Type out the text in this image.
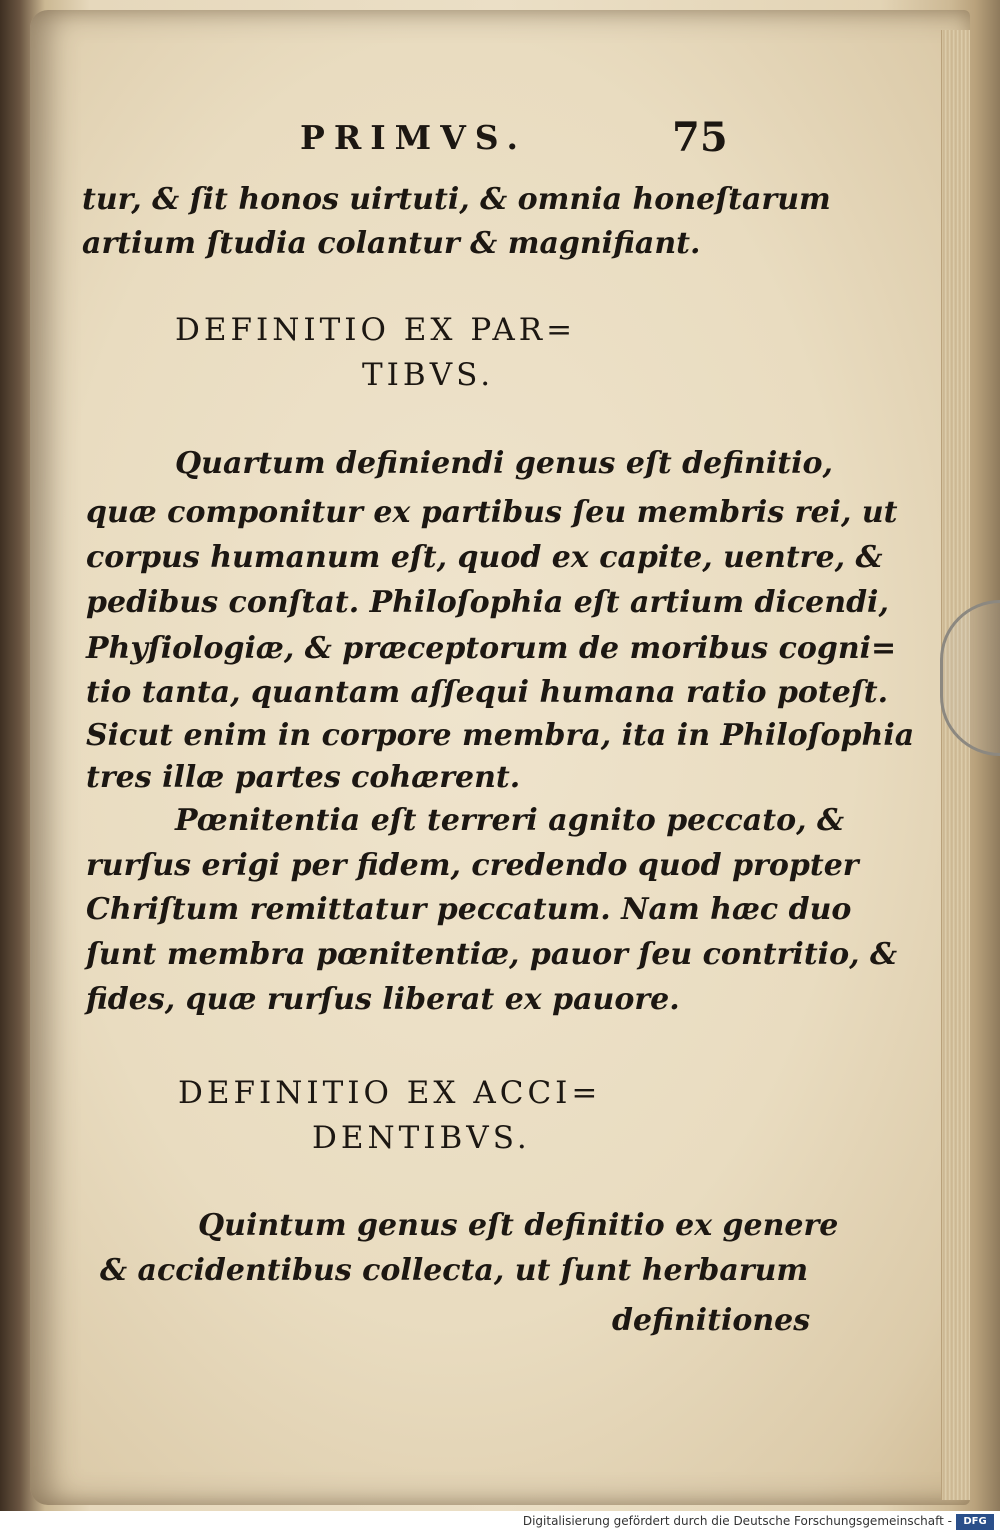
PRIMVS.	75
tur, & ſit honos uirtuti, & omnia honeſtarum
artium ſtudia colantur & magnifiant.
DEFINITIO EX PAR=
TIBVS.
Quartum definiendi genus eſt definitio,
quæ componitur ex partibus ſeu membris rei, ut
corpus humanum eſt, quod ex capite, uentre, &
pedibus conſtat. Philoſophia eſt artium dicendi,
Phyſiologiæ, & præceptorum de moribus cogni=
tio tanta, quantam aſſequi humana ratio poteſt.
Sicut enim in corpore membra, ita in Philoſophia
tres illæ partes cohærent.
Pœnitentia eſt terreri agnito peccato, &
rurſus erigi per fidem, credendo quod propter
Chriſtum remittatur peccatum. Nam hæc duo
ſunt membra pœnitentiæ, pauor ſeu contritio, &
fides, quæ rurſus liberat ex pauore.
DEFINITIO EX ACCI=
DENTIBVS.
Quintum genus eſt definitio ex genere
& accidentibus collecta, ut ſunt herbarum
definitiones
Digitalisierung gefördert durch die Deutsche Forschungsgemeinschaft -	DFG
